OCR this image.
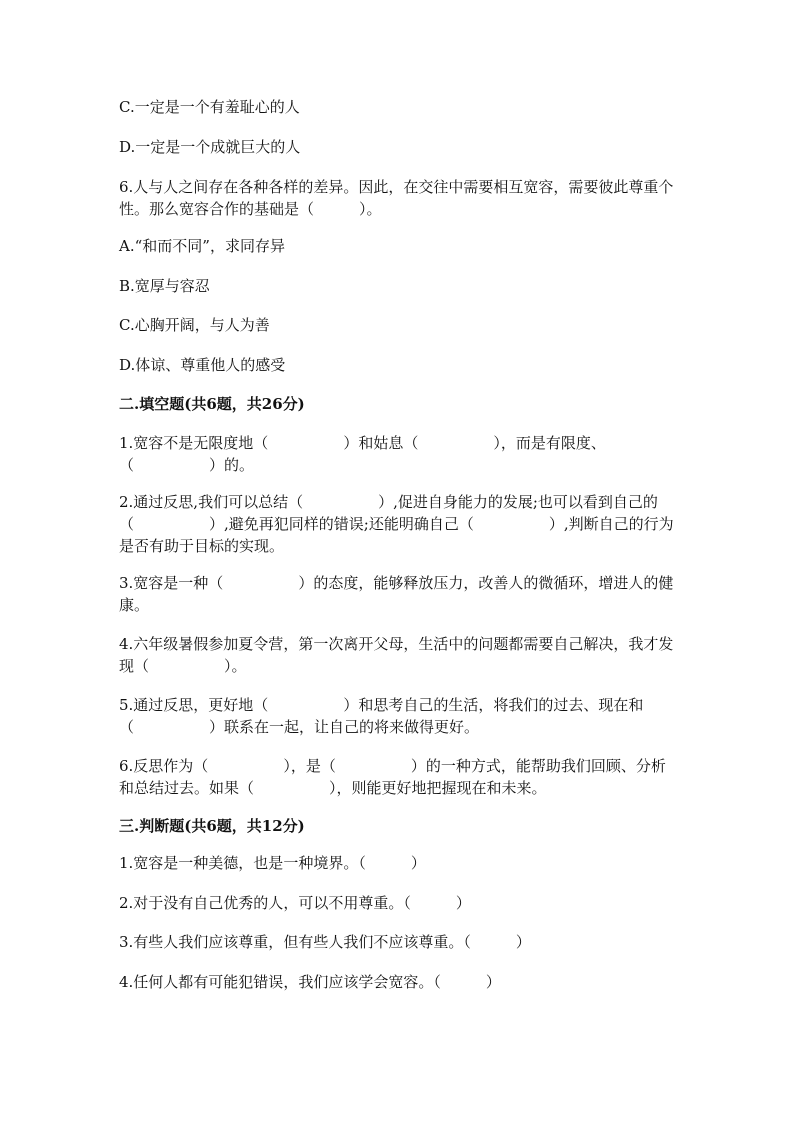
C.一定是一个有羞耻心的人

D.一定是一个成就巨大的人

6.人与人之间存在各种各样的差异。因此，在交往中需要相互宽容，需要彼此尊重个性。那么宽容合作的基础是（　　　）。

A.“和而不同”，求同存异

B.宽厚与容忍

C.心胸开阔，与人为善

D.体谅、尊重他人的感受

二.填空题(共6题，共26分)

1.宽容不是无限度地（　　　　　）和姑息（　　　　　），而是有限度、（　　　　　）的。

2.通过反思,我们可以总结（　　　　　）,促进自身能力的发展;也可以看到自己的（　　　　　）,避免再犯同样的错误;还能明确自己（　　　　　）,判断自己的行为是否有助于目标的实现。

3.宽容是一种（　　　　　）的态度，能够释放压力，改善人的微循环，增进人的健康。

4.六年级暑假参加夏令营，第一次离开父母，生活中的问题都需要自己解决，我才发现（　　　　　）。

5.通过反思，更好地（　　　　　）和思考自己的生活，将我们的过去、现在和（　　　　　）联系在一起，让自己的将来做得更好。

6.反思作为（　　　　　），是（　　　　　）的一种方式，能帮助我们回顾、分析和总结过去。如果（　　　　　），则能更好地把握现在和未来。

三.判断题(共6题，共12分)

1.宽容是一种美德，也是一种境界。（　　　）

2.对于没有自己优秀的人，可以不用尊重。（　　　）

3.有些人我们应该尊重，但有些人我们不应该尊重。（　　　）

4.任何人都有可能犯错误，我们应该学会宽容。（　　　）
